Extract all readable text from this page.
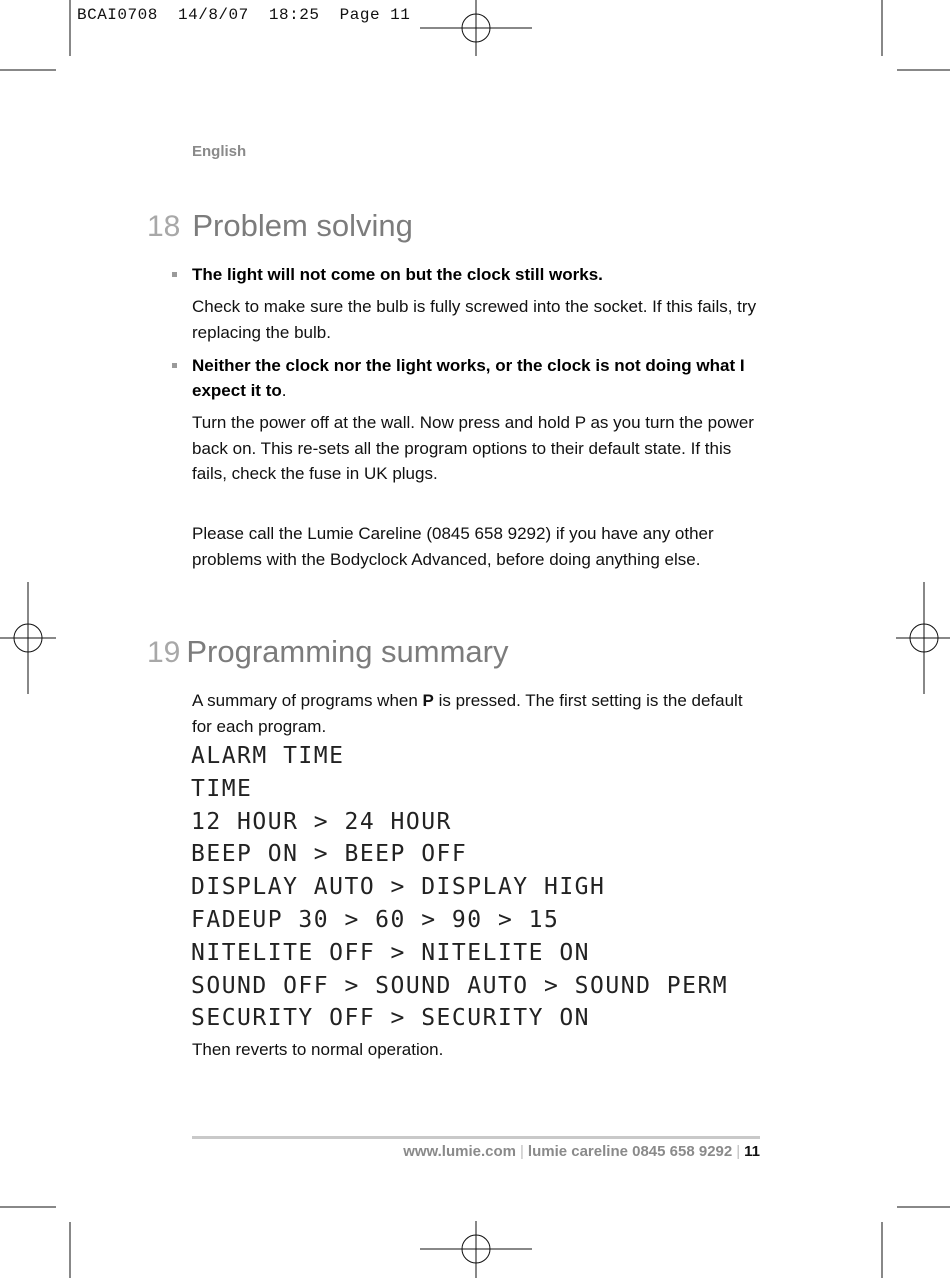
BCAI0708  14/8/07  18:25  Page 11
English
18 Problem solving
The light will not come on but the clock still works.
Check to make sure the bulb is fully screwed into the socket. If this fails, try replacing the bulb.
Neither the clock nor the light works, or the clock is not doing what I expect it to.
Turn the power off at the wall. Now press and hold P as you turn the power back on. This re-sets all the program options to their default state. If this fails, check the fuse in UK plugs.
Please call the Lumie Careline (0845 658 9292) if you have any other problems with the Bodyclock Advanced, before doing anything else.
19 Programming summary
A summary of programs when P is pressed. The first setting is the default for each program.
ALARM TIME
TIME
12 HOUR > 24 HOUR
BEEP ON > BEEP OFF
DISPLAY AUTO > DISPLAY HIGH
FADEUP 30 > 60 > 90 > 15
NITELITE OFF > NITELITE ON
SOUND OFF > SOUND AUTO > SOUND PERM
SECURITY OFF > SECURITY ON
Then reverts to normal operation.
www.lumie.com | lumie careline 0845 658 9292 | 11
